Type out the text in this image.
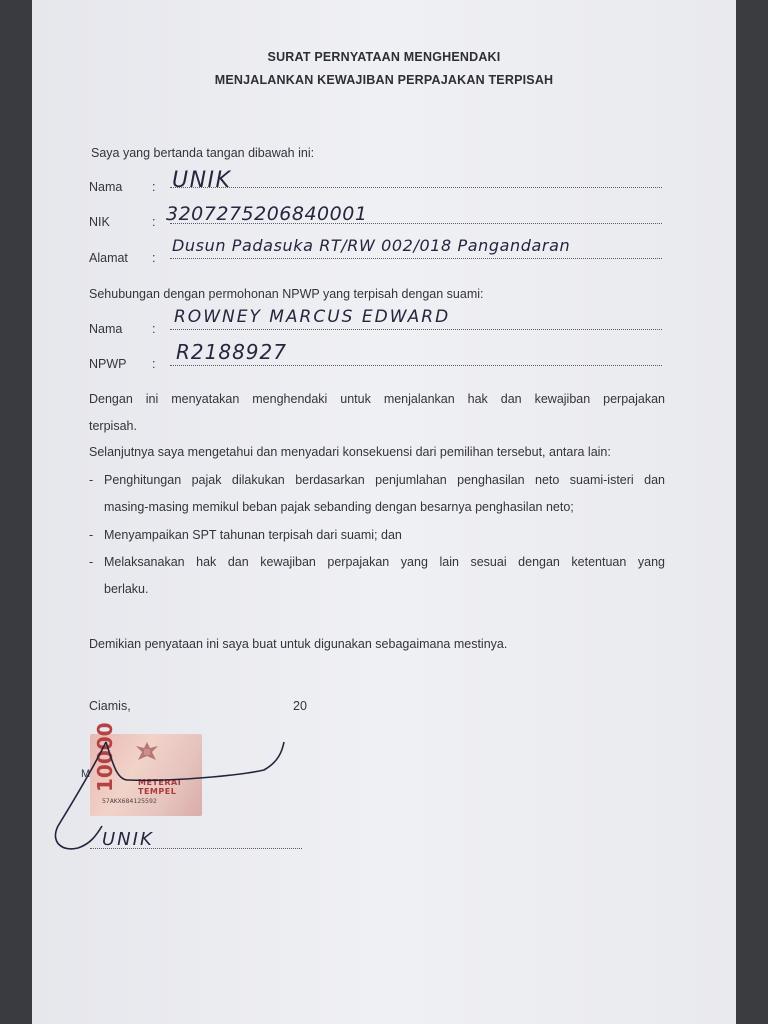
SURAT PERNYATAAN MENGHENDAKI
MENJALANKAN KEWAJIBAN PERPAJAKAN TERPISAH
Saya yang bertanda tangan dibawah ini:
Nama : UNIK
NIK	: 3207275206840001
Alamat :
Dusun Padasuka RT/RW 002/018 Pangandaran
Sehubungan dengan permohonan NPWP yang terpisah dengan suami:
Nama :
ROWNEY MARCUS EDWARD
NPWP : R2188927
Dengan ini menyatakan menghendaki untuk menjalankan hak dan kewajiban perpajakan
terpisah.
Selanjutnya saya mengetahui dan menyadari konsekuensi dari pemilihan tersebut, antara lain:
- Penghitungan pajak dilakukan berdasarkan penjumlahan penghasilan neto suami-isteri dan
masing-masing memikul beban pajak sebanding dengan besarnya penghasilan neto;
- Menyampaikan SPT tahunan terpisah dari suami; dan
- Melaksanakan hak dan kewajiban perpajakan yang lain sesuai dengan ketentuan yang
berlaku.
Demikian penyataan ini saya buat untuk digunakan sebagaimana mestinya.
Ciamis,	20
M 10000	METERAI
TEMPEL
57AKX684125592
UNIK
